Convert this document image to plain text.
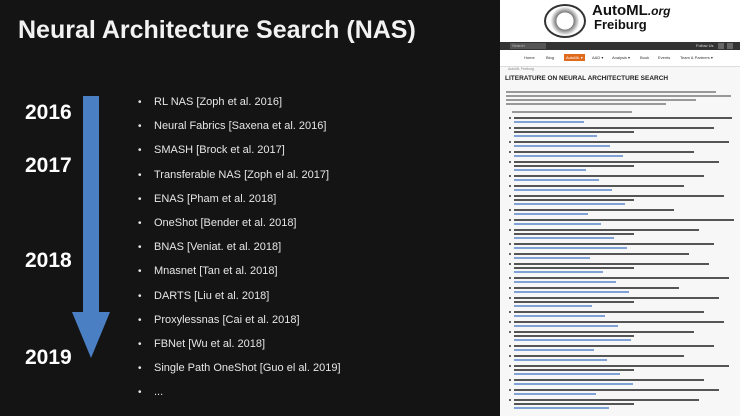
Neural Architecture Search (NAS)
2016
2017
2018
2019
• RL NAS [Zoph et al. 2016]
• Neural Fabrics [Saxena et al. 2016]
• SMASH [Brock et al. 2017]
• Transferable NAS [Zoph el al. 2017]
• ENAS [Pham et al. 2018]
• OneShot [Bender et al. 2018]
• BNAS [Veniat. et al. 2018]
• Mnasnet [Tan et al. 2018]
• DARTS [Liu et al. 2018]
• Proxylessnas [Cai et al. 2018]
• FBNet [Wu et al. 2018]
• Single Path OneShot [Guo el al. 2019]
• ...
AutoML.org
Freiburg
Search	Follow Us
Home	Blog	AutoML ▾	AAD ▾ Analysis ▾ Book Events Team & Partners ▾
AutoML Freiburg
LITERATURE ON NEURAL ARCHITECTURE SEARCH
